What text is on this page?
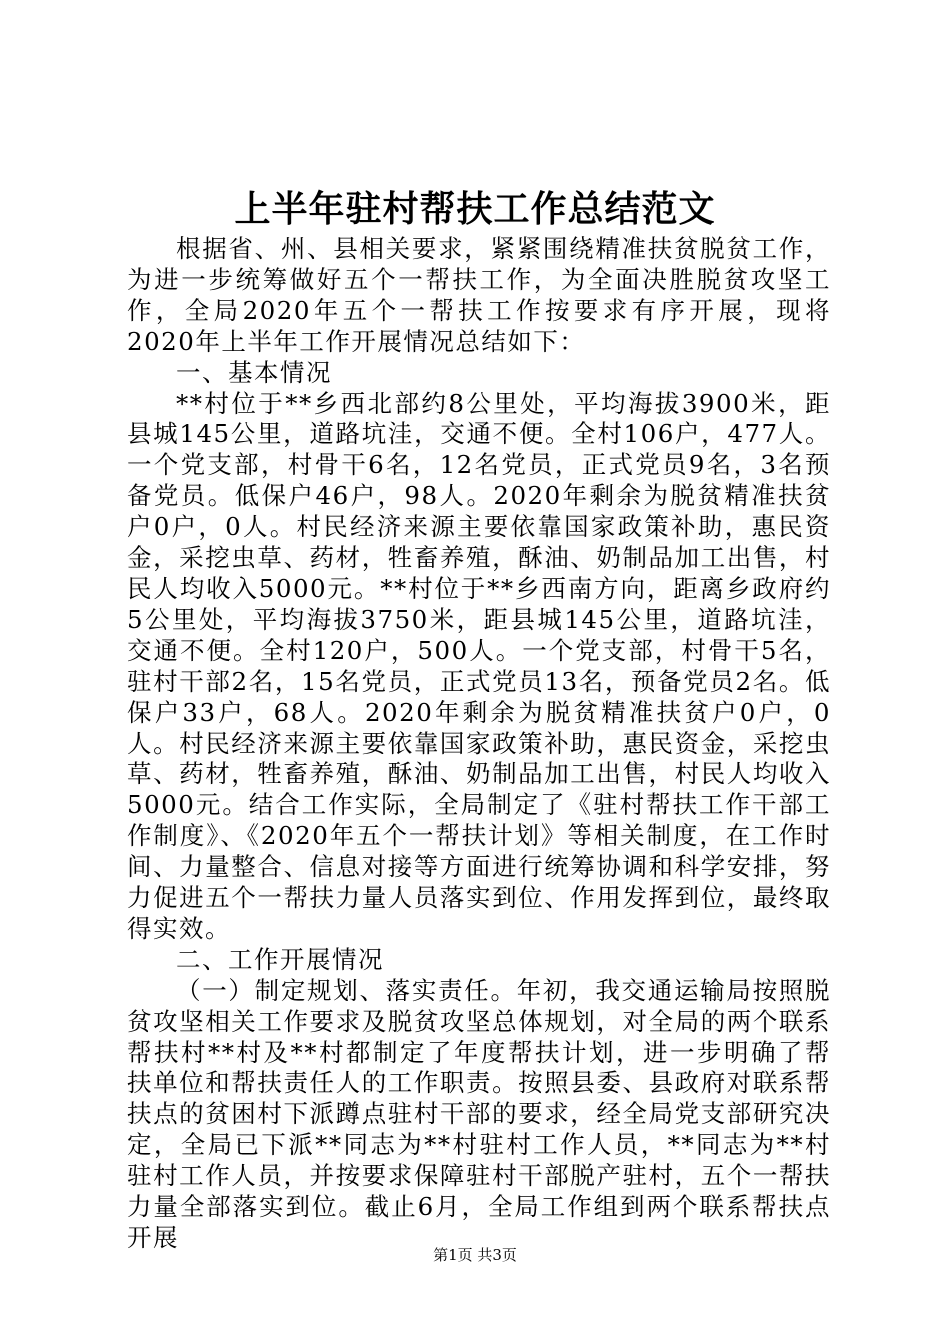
上半年驻村帮扶工作总结范文

根据省、州、县相关要求，紧紧围绕精准扶贫脱贫工作，为进一步统筹做好五个一帮扶工作，为全面决胜脱贫攻坚工作，全局2020年五个一帮扶工作按要求有序开展，现将2020年上半年工作开展情况总结如下：

一、基本情况

**村位于**乡西北部约8公里处，平均海拔3900米，距县城145公里，道路坑洼，交通不便。全村106户，477人。一个党支部，村骨干6名，12名党员，正式党员9名，3名预备党员。低保户46户，98人。2020年剩余为脱贫精准扶贫户0户，0人。村民经济来源主要依靠国家政策补助，惠民资金，采挖虫草、药材，牲畜养殖，酥油、奶制品加工出售，村民人均收入5000元。**村位于**乡西南方向，距离乡政府约5公里处，平均海拔3750米，距县城145公里，道路坑洼，交通不便。全村120户，500人。一个党支部，村骨干5名，驻村干部2名，15名党员，正式党员13名，预备党员2名。低保户33户，68人。2020年剩余为脱贫精准扶贫户0户，0人。村民经济来源主要依靠国家政策补助，惠民资金，采挖虫草、药材，牲畜养殖，酥油、奶制品加工出售，村民人均收入5000元。结合工作实际，全局制定了《驻村帮扶工作干部工作制度》、《2020年五个一帮扶计划》等相关制度，在工作时间、力量整合、信息对接等方面进行统筹协调和科学安排，努力促进五个一帮扶力量人员落实到位、作用发挥到位，最终取得实效。

二、工作开展情况

（一）制定规划、落实责任。年初，我交通运输局按照脱贫攻坚相关工作要求及脱贫攻坚总体规划，对全局的两个联系帮扶村**村及**村都制定了年度帮扶计划，进一步明确了帮扶单位和帮扶责任人的工作职责。按照县委、县政府对联系帮扶点的贫困村下派蹲点驻村干部的要求，经全局党支部研究决定，全局已下派**同志为**村驻村工作人员，**同志为**村驻村工作人员，并按要求保障驻村干部脱产驻村，五个一帮扶力量全部落实到位。截止6月，全局工作组到两个联系帮扶点开展

第1页 共3页
